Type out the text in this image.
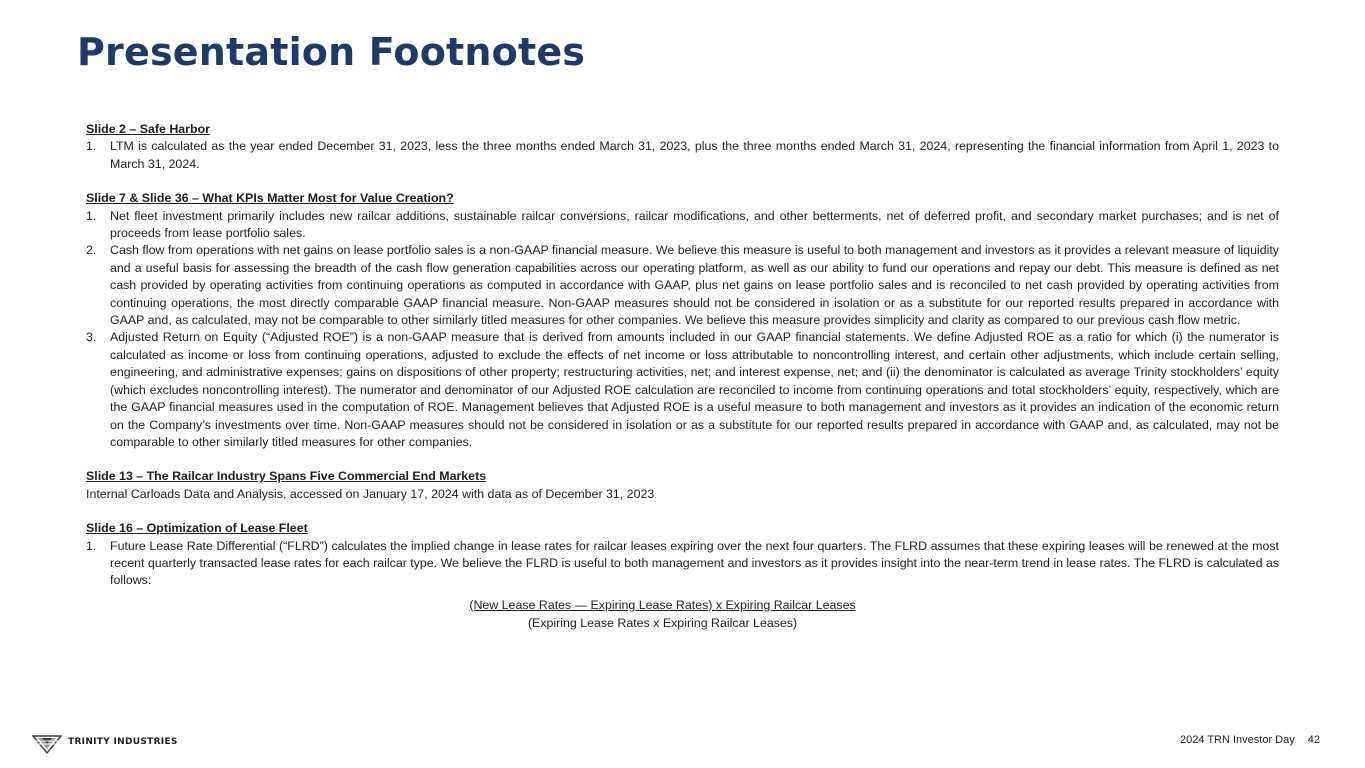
Presentation Footnotes
Slide 2 – Safe Harbor
1. LTM is calculated as the year ended December 31, 2023, less the three months ended March 31, 2023, plus the three months ended March 31, 2024, representing the financial information from April 1, 2023 to March 31, 2024.
Slide 7 & Slide 36 – What KPIs Matter Most for Value Creation?
1. Net fleet investment primarily includes new railcar additions, sustainable railcar conversions, railcar modifications, and other betterments, net of deferred profit, and secondary market purchases; and is net of proceeds from lease portfolio sales.
2. Cash flow from operations with net gains on lease portfolio sales is a non-GAAP financial measure. We believe this measure is useful to both management and investors as it provides a relevant measure of liquidity and a useful basis for assessing the breadth of the cash flow generation capabilities across our operating platform, as well as our ability to fund our operations and repay our debt. This measure is defined as net cash provided by operating activities from continuing operations as computed in accordance with GAAP, plus net gains on lease portfolio sales and is reconciled to net cash provided by operating activities from continuing operations, the most directly comparable GAAP financial measure. Non-GAAP measures should not be considered in isolation or as a substitute for our reported results prepared in accordance with GAAP and, as calculated, may not be comparable to other similarly titled measures for other companies. We believe this measure provides simplicity and clarity as compared to our previous cash flow metric.
3. Adjusted Return on Equity (“Adjusted ROE”) is a non-GAAP measure that is derived from amounts included in our GAAP financial statements. We define Adjusted ROE as a ratio for which (i) the numerator is calculated as income or loss from continuing operations, adjusted to exclude the effects of net income or loss attributable to noncontrolling interest, and certain other adjustments, which include certain selling, engineering, and administrative expenses; gains on dispositions of other property; restructuring activities, net; and interest expense, net; and (ii) the denominator is calculated as average Trinity stockholders’ equity (which excludes noncontrolling interest). The numerator and denominator of our Adjusted ROE calculation are reconciled to income from continuing operations and total stockholders’ equity, respectively, which are the GAAP financial measures used in the computation of ROE. Management believes that Adjusted ROE is a useful measure to both management and investors as it provides an indication of the economic return on the Company’s investments over time. Non-GAAP measures should not be considered in isolation or as a substitute for our reported results prepared in accordance with GAAP and, as calculated, may not be comparable to other similarly titled measures for other companies.
Slide 13 – The Railcar Industry Spans Five Commercial End Markets

Internal Carloads Data and Analysis, accessed on January 17, 2024 with data as of December 31, 2023

Slide 16 – Optimization of Lease Fleet
1. Future Lease Rate Differential (“FLRD”) calculates the implied change in lease rates for railcar leases expiring over the next four quarters. The FLRD assumes that these expiring leases will be renewed at the most recent quarterly transacted lease rates for each railcar type. We believe the FLRD is useful to both management and investors as it provides insight into the near-term trend in lease rates. The FLRD is calculated as follows:
(New Lease Rates — Expiring Lease Rates) x Expiring Railcar Leases
(Expiring Lease Rates x Expiring Railcar Leases)
TRINITY INDUSTRIES	2024 TRN Investor Day 42
